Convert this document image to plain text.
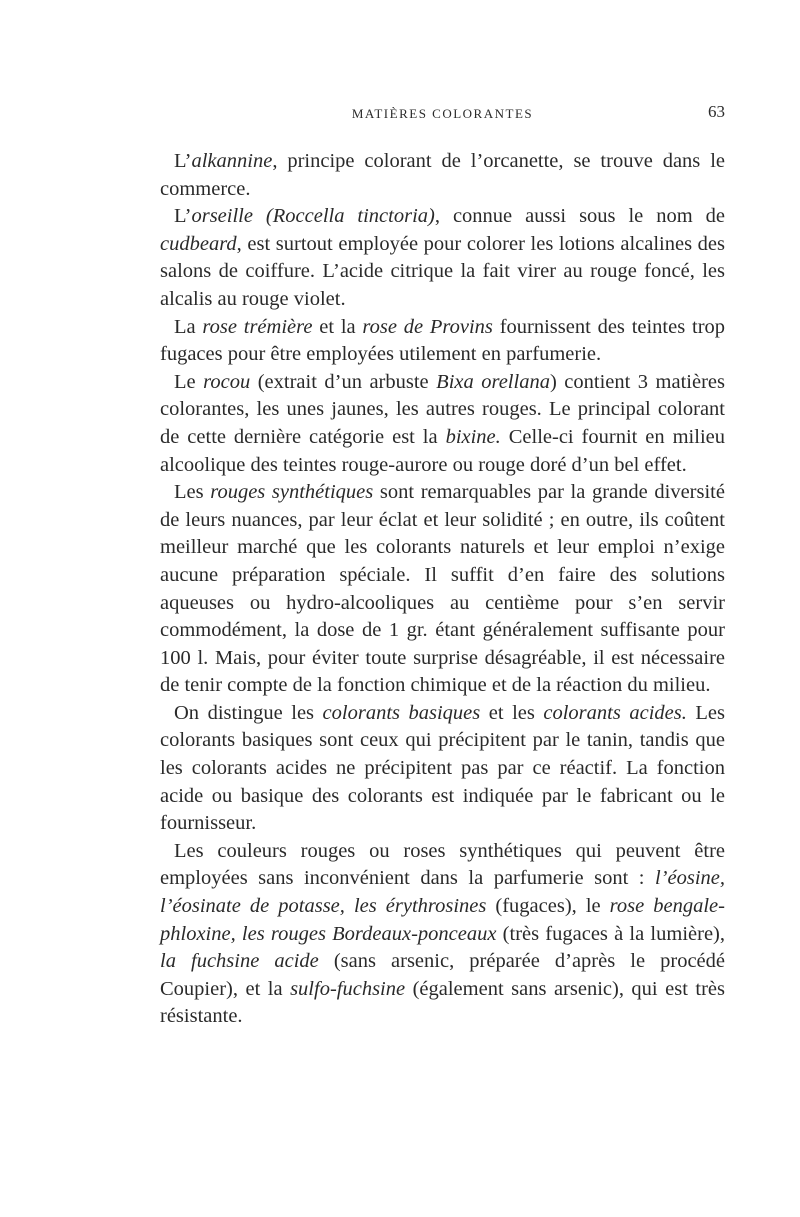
MATIÈRES COLORANTES	63

L’alkannine, principe colorant de l’orcanette, se trouve dans le commerce.

L’orseille (Roccella tinctoria), connue aussi sous le nom de cudbeard, est surtout employée pour colorer les lotions alcalines des salons de coiffure. L’acide citrique la fait virer au rouge foncé, les alcalis au rouge violet.

La rose trémière et la rose de Provins fournissent des teintes trop fugaces pour être employées utilement en parfumerie.

Le rocou (extrait d’un arbuste Bixa orellana) contient 3 matières colorantes, les unes jaunes, les autres rouges. Le principal colorant de cette dernière catégorie est la bixine. Celle-ci fournit en milieu alcoolique des teintes rouge-aurore ou rouge doré d’un bel effet.

Les rouges synthétiques sont remarquables par la grande diversité de leurs nuances, par leur éclat et leur solidité ; en outre, ils coûtent meilleur marché que les colorants naturels et leur emploi n’exige aucune préparation spéciale. Il suffit d’en faire des solutions aqueuses ou hydro-alcooliques au centième pour s’en servir commodément, la dose de 1 gr. étant généralement suffisante pour 100 l. Mais, pour éviter toute surprise désagréable, il est nécessaire de tenir compte de la fonction chimique et de la réaction du milieu.

On distingue les colorants basiques et les colorants acides. Les colorants basiques sont ceux qui précipitent par le tanin, tandis que les colorants acides ne précipitent pas par ce réactif. La fonction acide ou basique des colorants est indiquée par le fabricant ou le fournisseur.

Les couleurs rouges ou roses synthétiques qui peuvent être employées sans inconvénient dans la parfumerie sont : l’éosine, l’éosinate de potasse, les érythrosines (fugaces), le rose bengale-phloxine, les rouges Bordeaux-ponceaux (très fugaces à la lumière), la fuchsine acide (sans arsenic, préparée d’après le procédé Coupier), et la sulfo-fuchsine (également sans arsenic), qui est très résistante.
